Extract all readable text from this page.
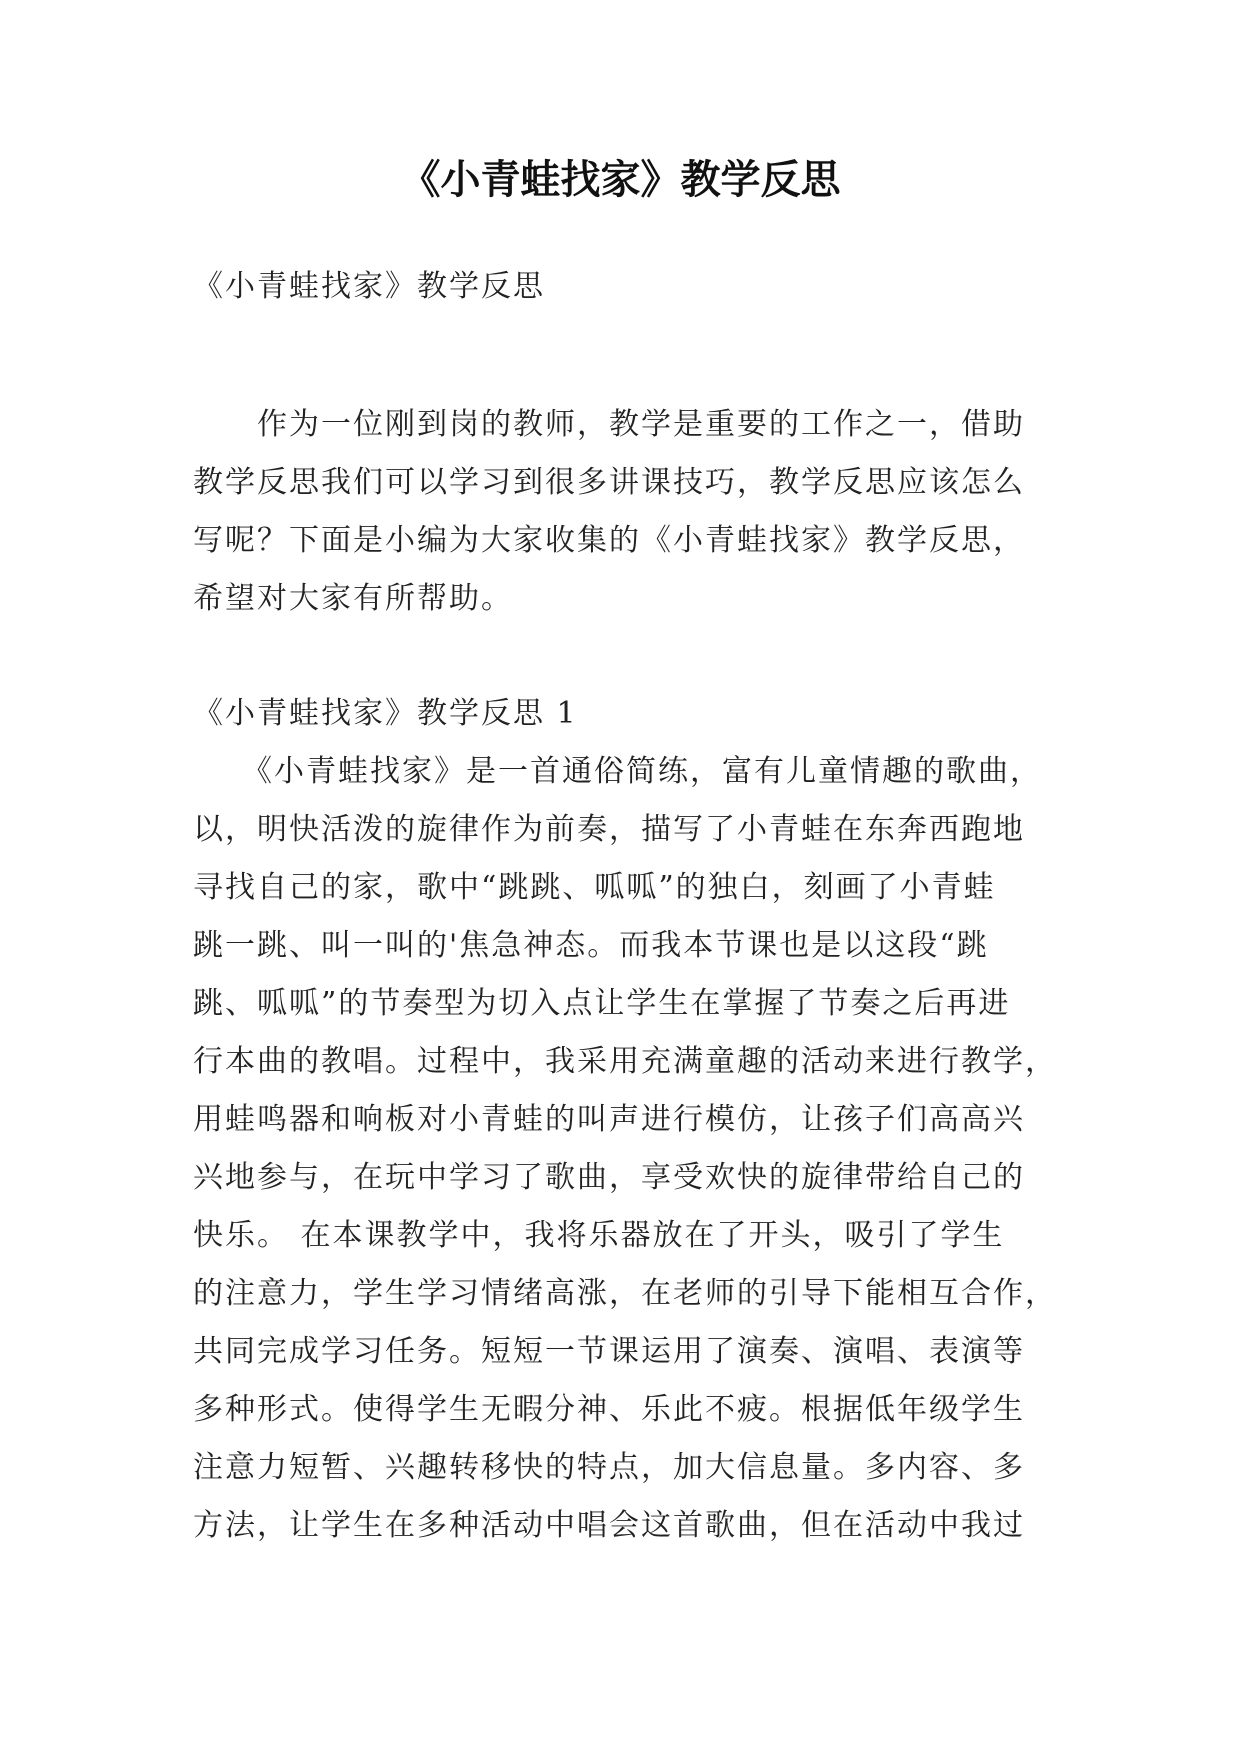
《小青蛙找家》教学反思

《小青蛙找家》教学反思

　　作为一位刚到岗的教师，教学是重要的工作之一，借助

教学反思我们可以学习到很多讲课技巧，教学反思应该怎么

写呢？下面是小编为大家收集的《小青蛙找家》教学反思，

希望对大家有所帮助。

《小青蛙找家》教学反思 1

　　《小青蛙找家》是一首通俗简练，富有儿童情趣的歌曲，

以，明快活泼的旋律作为前奏，描写了小青蛙在东奔西跑地

寻找自己的家，歌中“跳跳、呱呱”的独白，刻画了小青蛙

跳一跳、叫一叫的'焦急神态。而我本节课也是以这段“跳

跳、呱呱”的节奏型为切入点让学生在掌握了节奏之后再进

行本曲的教唱。过程中，我采用充满童趣的活动来进行教学，

用蛙鸣器和响板对小青蛙的叫声进行模仿，让孩子们高高兴

兴地参与，在玩中学习了歌曲，享受欢快的旋律带给自己的

快乐。 在本课教学中，我将乐器放在了开头，吸引了学生

的注意力，学生学习情绪高涨，在老师的引导下能相互合作，

共同完成学习任务。短短一节课运用了演奏、演唱、表演等

多种形式。使得学生无暇分神、乐此不疲。根据低年级学生

注意力短暂、兴趣转移快的特点，加大信息量。多内容、多

方法，让学生在多种活动中唱会这首歌曲，但在活动中我过
